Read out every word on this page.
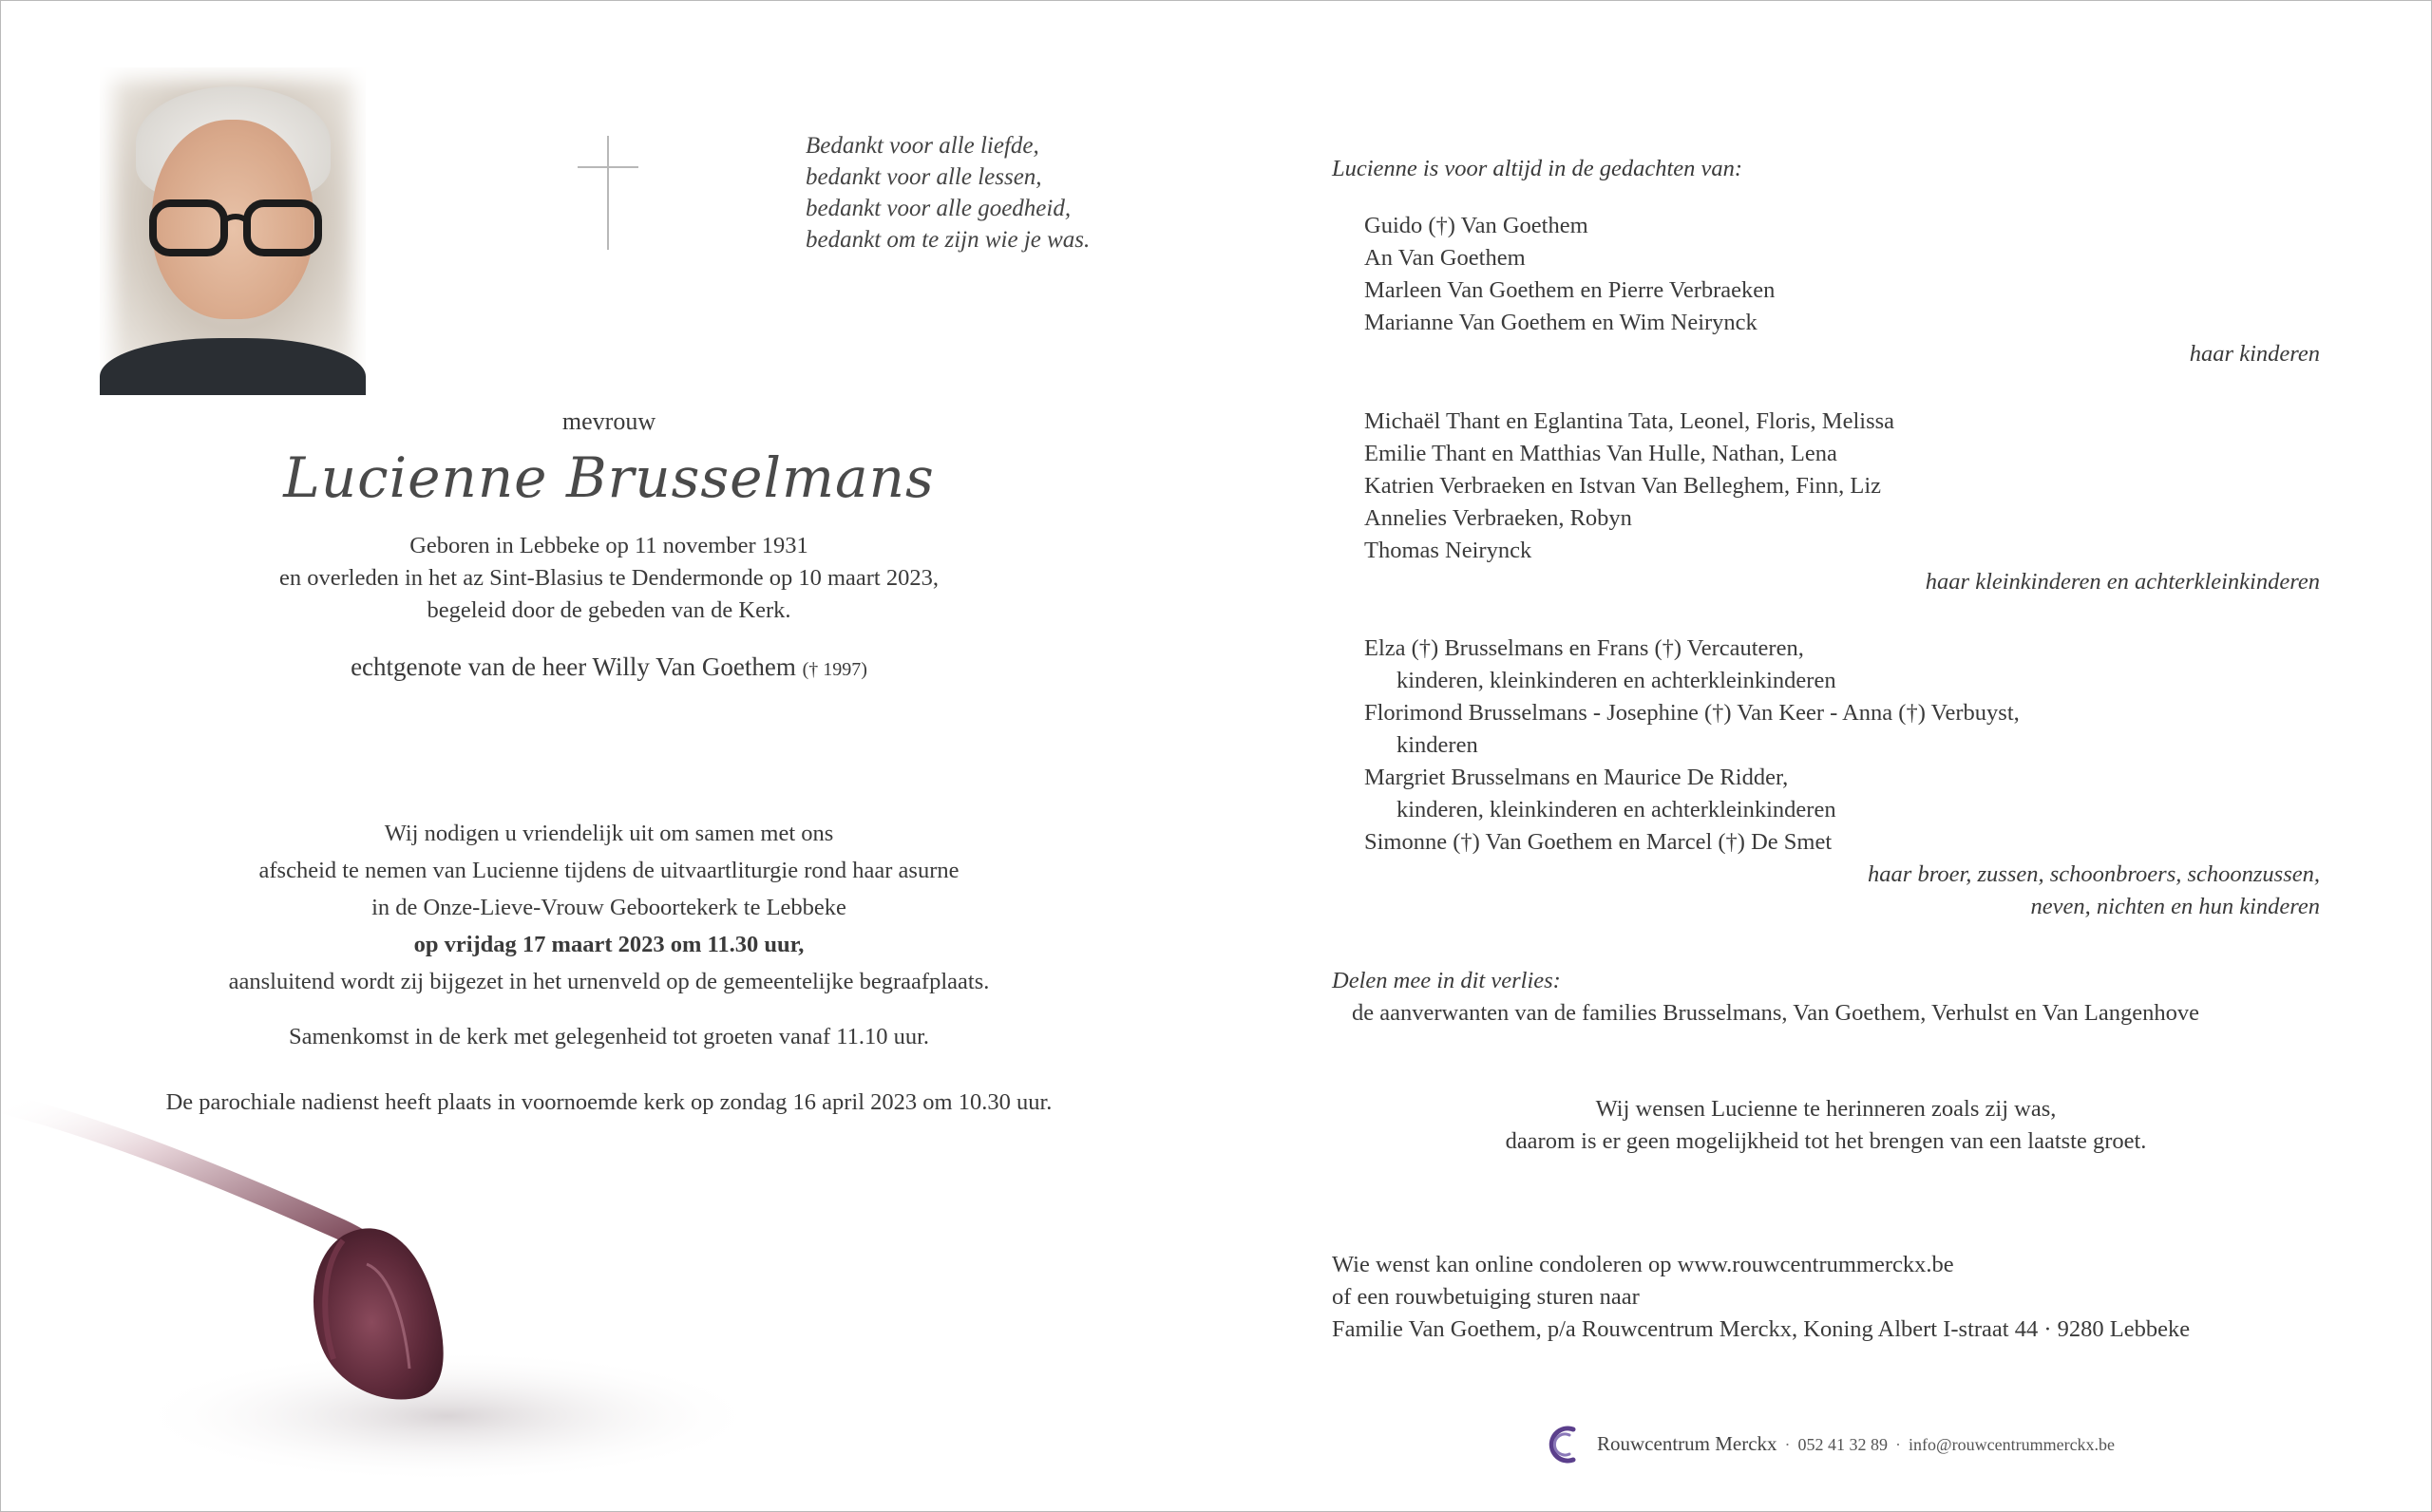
Bedankt voor alle liefde,
bedankt voor alle lessen,
bedankt voor alle goedheid,
bedankt om te zijn wie je was.
mevrouw
Lucienne Brusselmans
Geboren in Lebbeke op 11 november 1931
en overleden in het az Sint-Blasius te Dendermonde op 10 maart 2023,
begeleid door de gebeden van de Kerk.
echtgenote van de heer Willy Van Goethem († 1997)
Wij nodigen u vriendelijk uit om samen met ons
afscheid te nemen van Lucienne tijdens de uitvaartliturgie rond haar asurne
in de Onze-Lieve-Vrouw Geboortekerk te Lebbeke
op vrijdag 17 maart 2023 om 11.30 uur,
aansluitend wordt zij bijgezet in het urnenveld op de gemeentelijke begraafplaats.
Samenkomst in de kerk met gelegenheid tot groeten vanaf 11.10 uur.
De parochiale nadienst heeft plaats in voornoemde kerk op zondag 16 april 2023 om 10.30 uur.
Lucienne is voor altijd in de gedachten van:
Guido (†) Van Goethem
An Van Goethem
Marleen Van Goethem en Pierre Verbraeken
Marianne Van Goethem en Wim Neirynck
haar kinderen
Michaël Thant en Eglantina Tata, Leonel, Floris, Melissa
Emilie Thant en Matthias Van Hulle, Nathan, Lena
Katrien Verbraeken en Istvan Van Belleghem, Finn, Liz
Annelies Verbraeken, Robyn
Thomas Neirynck
haar kleinkinderen en achterkleinkinderen
Elza (†) Brusselmans en Frans (†) Vercauteren,
kinderen, kleinkinderen en achterkleinkinderen
Florimond Brusselmans - Josephine (†) Van Keer - Anna (†) Verbuyst,
kinderen
Margriet Brusselmans en Maurice De Ridder,
kinderen, kleinkinderen en achterkleinkinderen
Simonne (†) Van Goethem en Marcel (†) De Smet
haar broer, zussen, schoonbroers, schoonzussen,
neven, nichten en hun kinderen
Delen mee in dit verlies:
de aanverwanten van de families Brusselmans, Van Goethem, Verhulst en Van Langenhove
Wij wensen Lucienne te herinneren zoals zij was,
daarom is er geen mogelijkheid tot het brengen van een laatste groet.
Wie wenst kan online condoleren op www.rouwcentrummerckx.be
of een rouwbetuiging sturen naar
Familie Van Goethem, p/a Rouwcentrum Merckx, Koning Albert I-straat 44 · 9280 Lebbeke
Rouwcentrum Merckx · 052 41 32 89 · info@rouwcentrummerckx.be
